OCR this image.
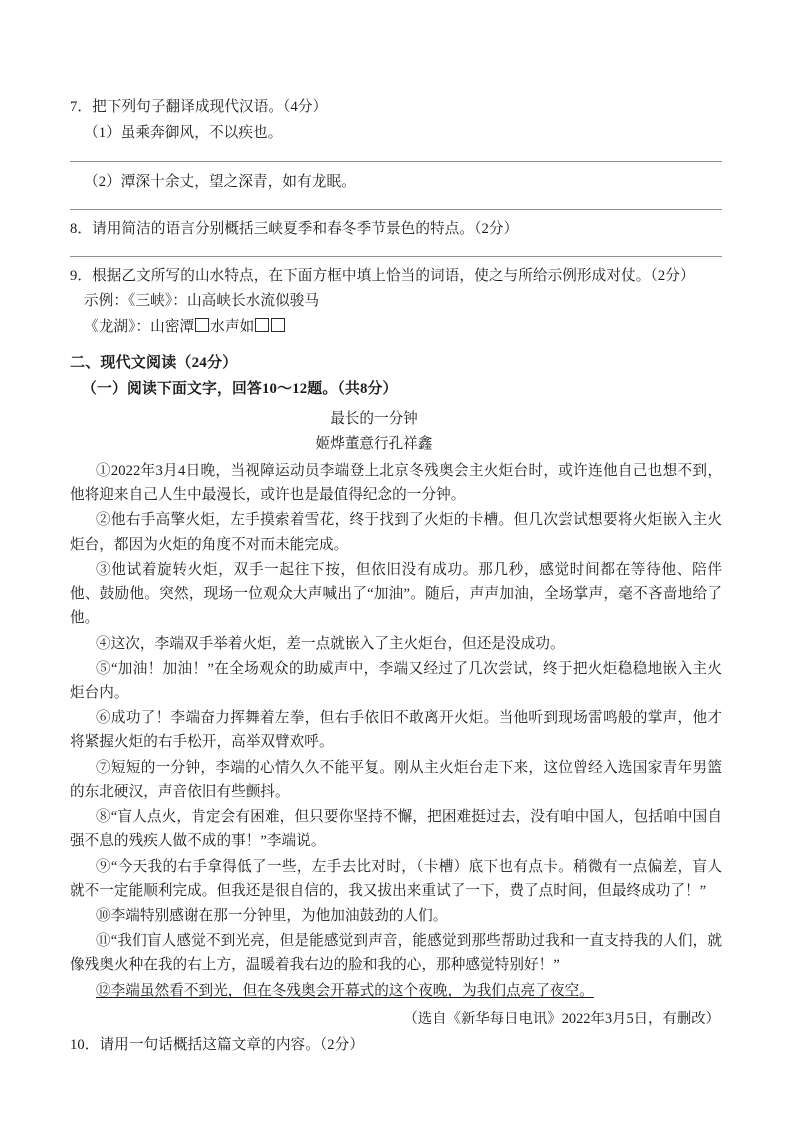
7．把下列句子翻译成现代汉语。（4分）

（1）虽乘奔御风，不以疾也。

（2）潭深十余丈，望之深青，如有龙眠。

8．请用简洁的语言分别概括三峡夏季和春冬季节景色的特点。（2分）

9．根据乙文所写的山水特点，在下面方框中填上恰当的词语，使之与所给示例形成对仗。（2分）

示例：《三峡》：山高峡长水流似骏马

《龙湖》：山密潭 水声如

二、现代文阅读（24分）

（一）阅读下面文字，回答10～12题。（共8分）

最长的一分钟

姬烨董意行孔祥鑫

①2022年3月4日晚，当视障运动员李端登上北京冬残奥会主火炬台时，或许连他自己也想不到，他将迎来自己人生中最漫长，或许也是最值得纪念的一分钟。

②他右手高擎火炬，左手摸索着雪花，终于找到了火炬的卡槽。但几次尝试想要将火炬嵌入主火炬台，都因为火炬的角度不对而未能完成。

③他试着旋转火炬，双手一起往下按，但依旧没有成功。那几秒，感觉时间都在等待他、陪伴他、鼓励他。突然，现场一位观众大声喊出了“加油”。随后，声声加油，全场掌声，毫不吝啬地给了他。

④这次，李端双手举着火炬，差一点就嵌入了主火炬台，但还是没成功。

⑤“加油！加油！”在全场观众的助威声中，李端又经过了几次尝试，终于把火炬稳稳地嵌入主火炬台内。

⑥成功了！李端奋力挥舞着左拳，但右手依旧不敢离开火炬。当他听到现场雷鸣般的掌声，他才将紧握火炬的右手松开，高举双臂欢呼。

⑦短短的一分钟，李端的心情久久不能平复。刚从主火炬台走下来，这位曾经入选国家青年男篮的东北硬汉，声音依旧有些颤抖。

⑧“盲人点火，肯定会有困难，但只要你坚持不懈，把困难挺过去，没有咱中国人，包括咱中国自强不息的残疾人做不成的事！”李端说。

⑨“今天我的右手拿得低了一些，左手去比对时，（卡槽）底下也有点卡。稍微有一点偏差，盲人就不一定能顺利完成。但我还是很自信的，我又拔出来重试了一下，费了点时间，但最终成功了！”

⑩李端特别感谢在那一分钟里，为他加油鼓劲的人们。

⑪“我们盲人感觉不到光亮，但是能感觉到声音，能感觉到那些帮助过我和一直支持我的人们，就像残奥火种在我的右上方，温暖着我右边的脸和我的心，那种感觉特别好！”

⑫李端虽然看不到光，但在冬残奥会开幕式的这个夜晚，为我们点亮了夜空。

（选自《新华每日电讯》2022年3月5日，有删改）

10．请用一句话概括这篇文章的内容。（2分）
